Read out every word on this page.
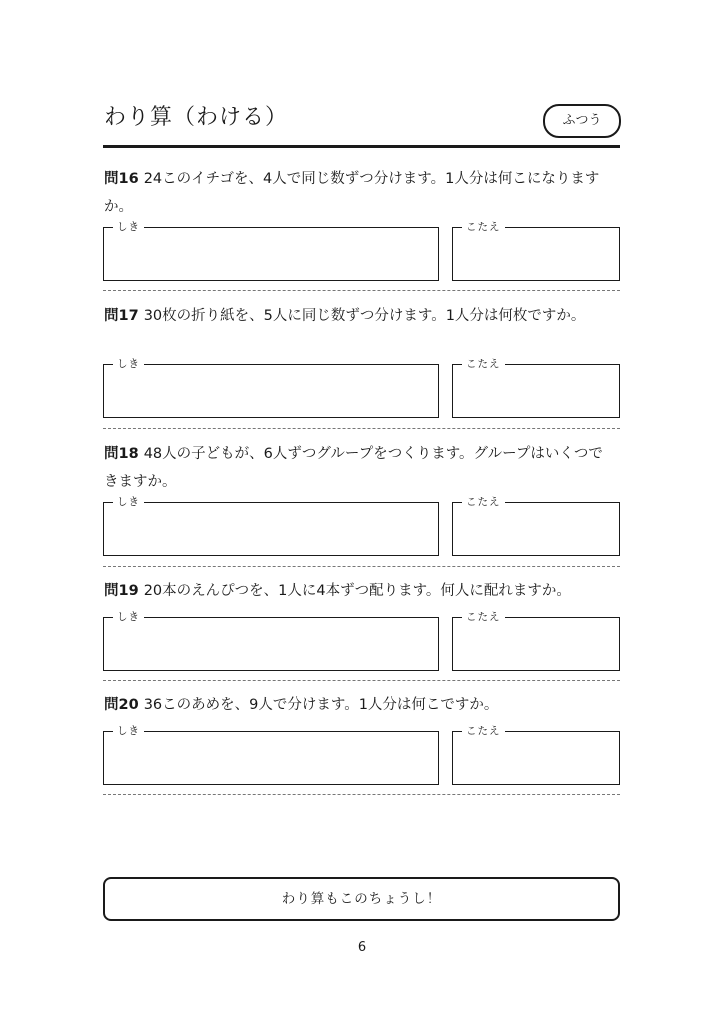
わり算（わける）	ふつう
問16 24このイチゴを、4人で同じ数ずつ分けます。1人分は何こになりますか。
しき	こたえ
問17 30枚の折り紙を、5人に同じ数ずつ分けます。1人分は何枚ですか。
しき	こたえ
問18 48人の子どもが、6人ずつグループをつくります。グループはいくつできますか。
しき	こたえ
問19 20本のえんぴつを、1人に4本ずつ配ります。何人に配れますか。
しき	こたえ
問20 36このあめを、9人で分けます。1人分は何こですか。
しき	こたえ
わり算もこのちょうし！
6
